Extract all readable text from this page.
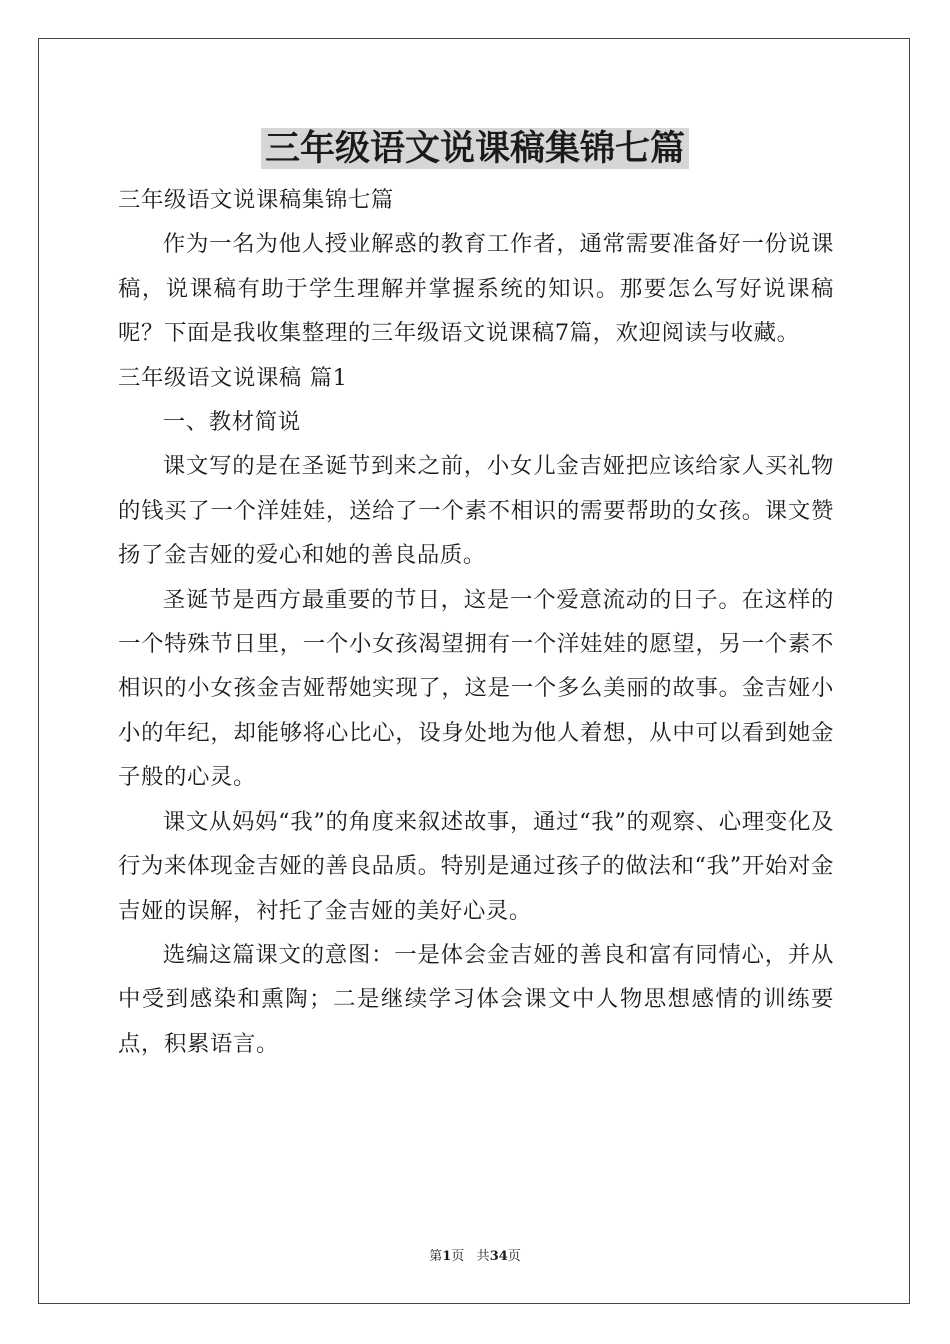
三年级语文说课稿集锦七篇

三年级语文说课稿集锦七篇

作为一名为他人授业解惑的教育工作者，通常需要准备好一份说课稿，说课稿有助于学生理解并掌握系统的知识。那要怎么写好说课稿呢？下面是我收集整理的三年级语文说课稿7篇，欢迎阅读与收藏。

三年级语文说课稿 篇1

一、教材简说

课文写的是在圣诞节到来之前，小女儿金吉娅把应该给家人买礼物的钱买了一个洋娃娃，送给了一个素不相识的需要帮助的女孩。课文赞扬了金吉娅的爱心和她的善良品质。

圣诞节是西方最重要的节日，这是一个爱意流动的日子。在这样的一个特殊节日里，一个小女孩渴望拥有一个洋娃娃的愿望，另一个素不相识的小女孩金吉娅帮她实现了，这是一个多么美丽的故事。金吉娅小小的年纪，却能够将心比心，设身处地为他人着想，从中可以看到她金子般的心灵。

课文从妈妈“我”的角度来叙述故事，通过“我”的观察、心理变化及行为来体现金吉娅的善良品质。特别是通过孩子的做法和“我”开始对金吉娅的误解，衬托了金吉娅的美好心灵。

选编这篇课文的意图：一是体会金吉娅的善良和富有同情心，并从中受到感染和熏陶；二是继续学习体会课文中人物思想感情的训练要点，积累语言。

第1页 共34页
